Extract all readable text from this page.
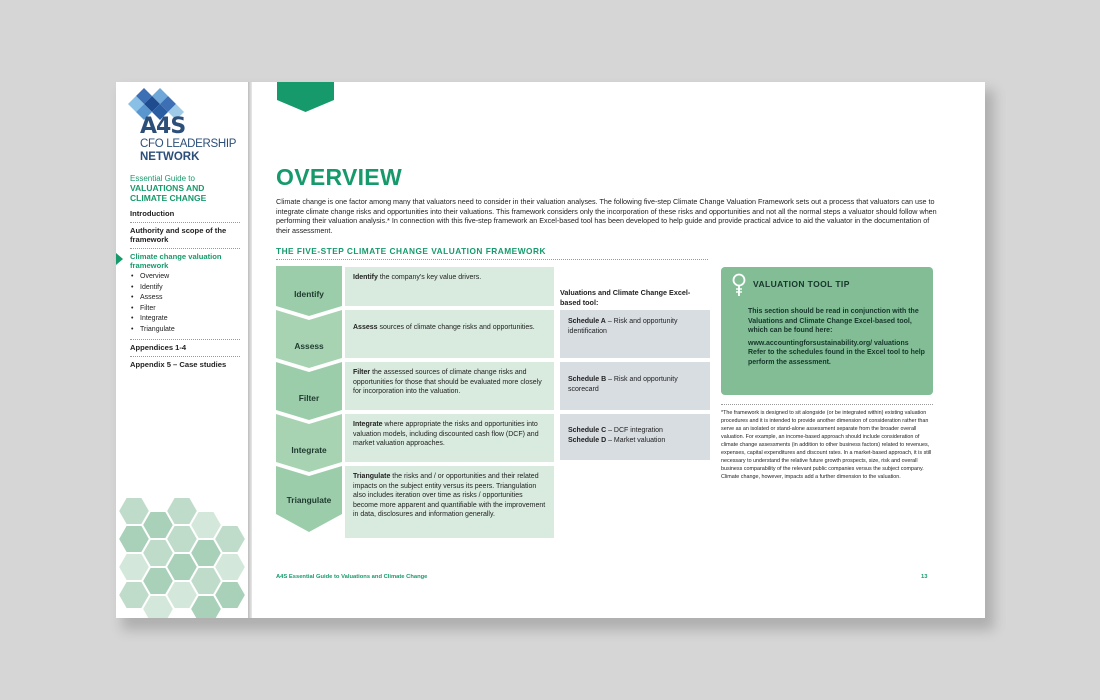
A4S
CFO LEADERSHIP
NETWORK
Essential Guide to
VALUATIONS AND CLIMATE CHANGE
Introduction
Authority and scope of the framework
Climate change valuation framework
• Overview
• Identify
• Assess
• Filter
• Integrate
• Triangulate
Appendices 1-4
Appendix 5 – Case studies
OVERVIEW
Climate change is one factor among many that valuators need to consider in their valuation analyses. The following five-step Climate Change Valuation Framework sets out a process that valuators can use to integrate climate change risks and opportunities into their valuations. This framework considers only the incorporation of these risks and opportunities and not all the normal steps a valuator should follow when performing their valuation analysis.* In connection with this five-step framework an Excel-based tool has been developed to help guide and provide practical advice to aid the valuator in the documentation of their assessment.
THE FIVE-STEP CLIMATE CHANGE VALUATION FRAMEWORK
Identify
Assess
Filter
Integrate
Triangulate
Identify the company's key value drivers.
Assess sources of climate change risks and opportunities.
Filter the assessed sources of climate change risks and opportunities for those that should be evaluated more closely for incorporation into the valuation.
Integrate where appropriate the risks and opportunities into valuation models, including discounted cash flow (DCF) and market valuation approaches.
Triangulate the risks and / or opportunities and their related impacts on the subject entity versus its peers. Triangulation also includes iteration over time as risks / opportunities become more apparent and quantifiable with the improvement in data, disclosures and information generally.
Valuations and Climate Change Excel-based tool:
Schedule A – Risk and opportunity identification
Schedule B – Risk and opportunity scorecard
Schedule C – DCF integration
Schedule D – Market valuation
VALUATION TOOL TIP

This section should be read in conjunction with the Valuations and Climate Change Excel-based tool, which can be found here:

www.accountingforsustainability.org/ valuations

Refer to the schedules found in the Excel tool to help perform the assessment.

*The framework is designed to sit alongside (or be integrated within) existing valuation procedures and it is intended to provide another dimension of consideration rather than serve as an isolated or stand-alone assessment separate from the broader overall valuation. For example, an income-based approach should include consideration of climate change assessments (in addition to other business factors) related to revenues, expenses, capital expenditures and discount rates. In a market-based approach, it is still necessary to understand the relative future growth prospects, size, risk and overall business comparability of the relevant public companies versus the subject company. Climate change, however, impacts add a further dimension to the valuation.
A4S Essential Guide to Valuations and Climate Change	13
